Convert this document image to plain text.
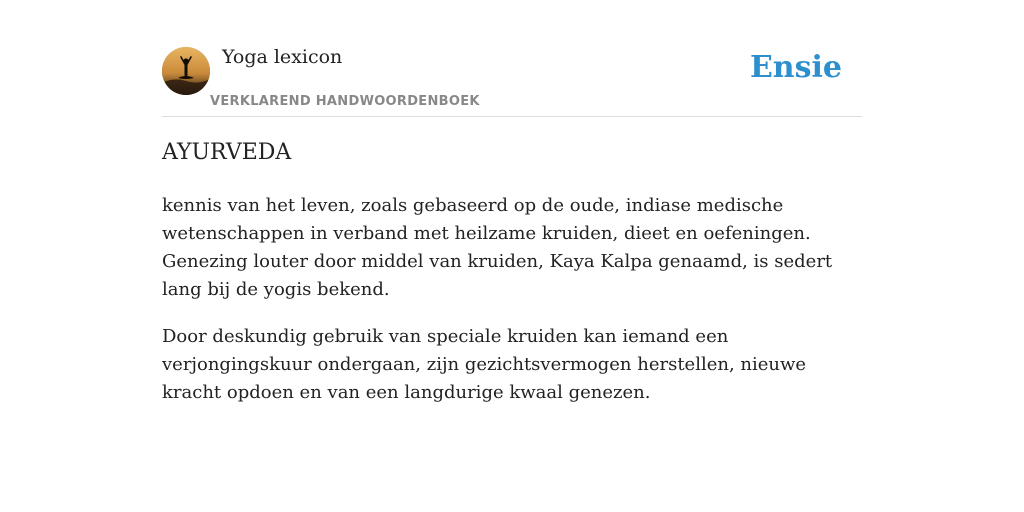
Yoga lexicon
VERKLAREND HANDWOORDENBOEK
Ensie
AYURVEDA

kennis van het leven, zoals gebaseerd op de oude, indiase medische wetenschappen in verband met heilzame kruiden, dieet en oefeningen. Genezing louter door middel van kruiden, Kaya Kalpa genaamd, is sedert lang bij de yogis bekend.

Door deskundig gebruik van speciale kruiden kan iemand een verjongingskuur ondergaan, zijn gezichtsvermogen herstellen, nieuwe kracht opdoen en van een langdurige kwaal genezen.
